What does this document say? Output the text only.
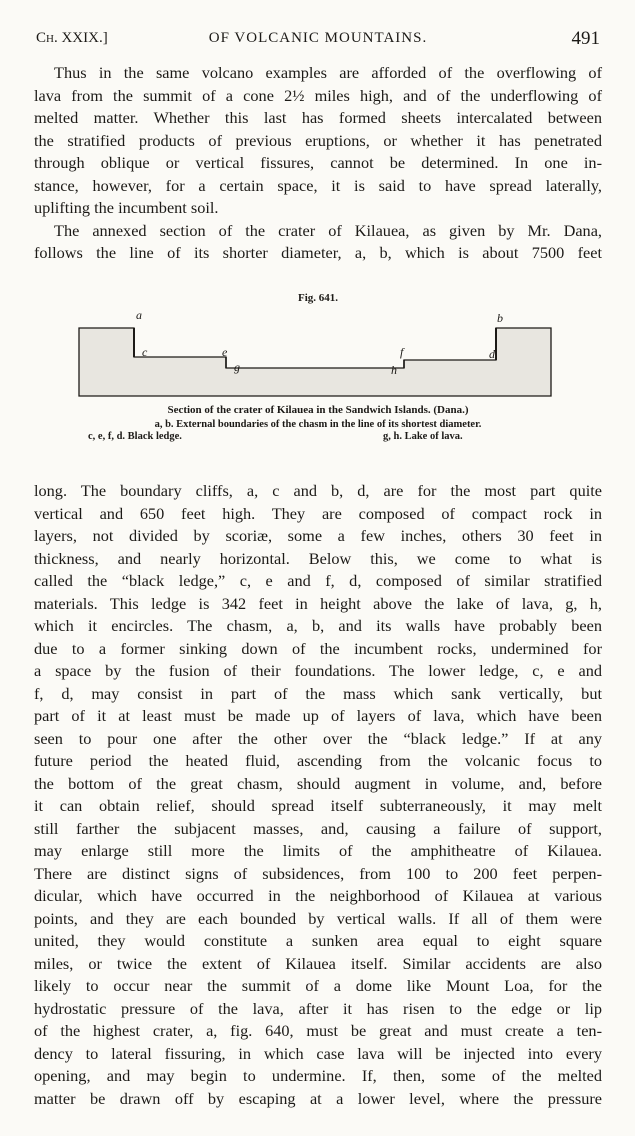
Ch. XXIX.]	OF VOLCANIC MOUNTAINS.	491
Thus in the same volcano examples are afforded of the overflowing of
lava from the summit of a cone 2½ miles high, and of the underflowing of
melted matter. Whether this last has formed sheets intercalated between
the stratified products of previous eruptions, or whether it has penetrated
through oblique or vertical fissures, cannot be determined. In one in-
stance, however, for a certain space, it is said to have spread laterally,
uplifting the incumbent soil.
The annexed section of the crater of Kilauea, as given by Mr. Dana,
follows the line of its shorter diameter, a, b, which is about 7500 feet
Fig. 641.
a	b
c	d
e	f
g	h
Section of the crater of Kilauea in the Sandwich Islands. (Dana.)
a, b. External boundaries of the chasm in the line of its shortest diameter.
c, e, f, d. Black ledge.	g, h. Lake of lava.
long. The boundary cliffs, a, c and b, d, are for the most part quite
vertical and 650 feet high. They are composed of compact rock in
layers, not divided by scoriæ, some a few inches, others 30 feet in
thickness, and nearly horizontal. Below this, we come to what is
called the “black ledge,” c, e and f, d, composed of similar stratified
materials. This ledge is 342 feet in height above the lake of lava, g, h,
which it encircles. The chasm, a, b, and its walls have probably been
due to a former sinking down of the incumbent rocks, undermined for
a space by the fusion of their foundations. The lower ledge, c, e and
f, d, may consist in part of the mass which sank vertically, but
part of it at least must be made up of layers of lava, which have been
seen to pour one after the other over the “black ledge.” If at any
future period the heated fluid, ascending from the volcanic focus to
the bottom of the great chasm, should augment in volume, and, before
it can obtain relief, should spread itself subterraneously, it may melt
still farther the subjacent masses, and, causing a failure of support,
may enlarge still more the limits of the amphitheatre of Kilauea.
There are distinct signs of subsidences, from 100 to 200 feet perpen-
dicular, which have occurred in the neighborhood of Kilauea at various
points, and they are each bounded by vertical walls. If all of them were
united, they would constitute a sunken area equal to eight square
miles, or twice the extent of Kilauea itself. Similar accidents are also
likely to occur near the summit of a dome like Mount Loa, for the
hydrostatic pressure of the lava, after it has risen to the edge or lip
of the highest crater, a, fig. 640, must be great and must create a ten-
dency to lateral fissuring, in which case lava will be injected into every
opening, and may begin to undermine. If, then, some of the melted
matter be drawn off by escaping at a lower level, where the pressure
